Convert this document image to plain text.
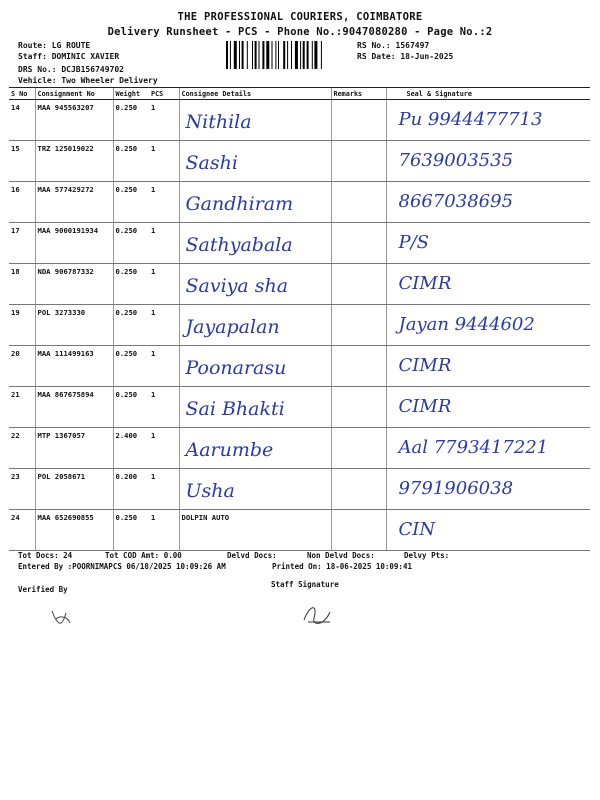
THE PROFESSIONAL COURIERS, COIMBATORE
Delivery Runsheet - PCS - Phone No.:9047080280 - Page No.:2
Route: LG ROUTE
Staff: DOMINIC XAVIER
DRS No.: DCJB156749702
Vehicle: Two Wheeler Delivery
RS No.: 1567497
RS Date: 18-Jun-2025
S No	Consignment No	Weight	PCS	Consignee Details	Remarks	Seal & Signature
14	MAA 945563207	0.250	1	Nithila		Pu 9944477713

15	TRZ 125019022	0.250	1	Sashi		7639003535

16	MAA 577429272	0.250	1	Gandhiram		8667038695

17	MAA 9000191934	0.250	1	Sathyabala		P/S

18	NDA 906787332	0.250	1	Saviya sha		CIMR

19	POL 3273330	0.250	1	Jayapalan		Jayan 9444602

20	MAA 111499163	0.250	1	Poonarasu		CIMR

21	MAA 867675894	0.250	1	Sai Bhakti		CIMR

22	MTP 1367057	2.400	1	Aarumbe		Aal 7793417221

23	POL 2058671	0.200	1	Usha		9791906038

24	MAA 652690855	0.250	1	DOLPIN AUTO		CIN
Tot Docs: 24	Tot COD Amt: 0.00	Delvd Docs:	Non Delvd Docs:	Delvy Pts:
Entered By :POORNIMAPCS 06/18/2025 10:09:26 AM	Printed On: 18-06-2025 10:09:41
Verified By
Staff Signature
